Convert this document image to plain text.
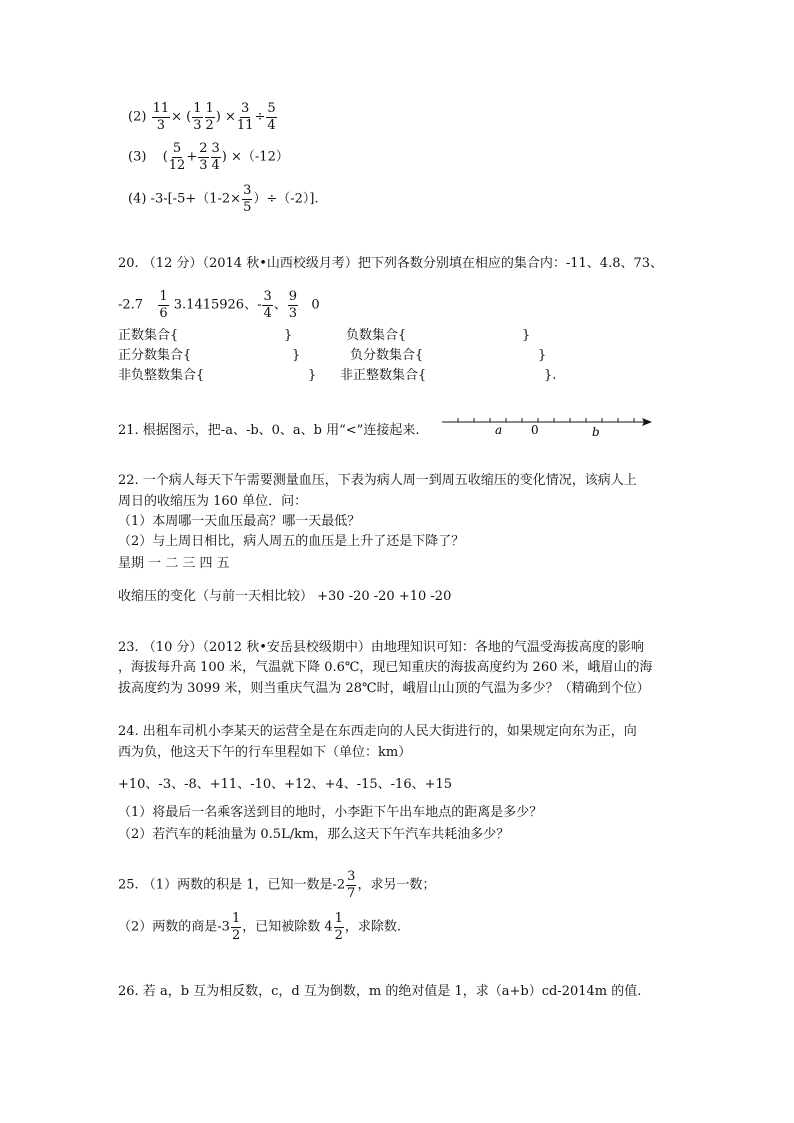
$(2) \frac{11}{3}$ × ( $\frac{1}{3} \frac{1}{2}$ ) × $\frac{3}{11} \div \frac{5}{4}$
(3) ( $\frac{5}{12} + \frac{2}{3} \frac{3}{4}$ ) ×（-12）
(4) $-3-[-5+(1-2\times \frac{3}{5} )\div(-2)]$.
20. （12 分）（2014 秋•山西校级月考）把下列各数分别填在相应的集合内：-11、4.8、73、
$-2.7 \frac{1}{6} 3.1415926$、- $\frac{3}{4}$ 、 $\frac{9}{3} 0$
正数集合{	}	负数集合{	}
正分数集合{	}	负分数集合{	}
非负整数集合{	} 非正整数集合{	}.
21. 根据图示，把-a、-b、0、a、b 用“<”连接起来.	a 0	b
22. 一个病人每天下午需要测量血压，下表为病人周一到周五收缩压的变化情况，该病人上
周日的收缩压为 160 单位．问：
（1）本周哪一天血压最高？哪一天最低？
（2）与上周日相比，病人周五的血压是上升了还是下降了？
星期 一 二 三 四 五
收缩压的变化（与前一天相比较） +30 -20 -20 +10 -20
23. （10 分）（2012 秋•安岳县校级期中）由地理知识可知：各地的气温受海拔高度的影响
，海拔每升高 100 米，气温就下降 0.6℃，现已知重庆的海拔高度约为 260 米，峨眉山的海
拔高度约为 3099 米，则当重庆气温为 28℃时，峨眉山山顶的气温为多少？（精确到个位）
24. 出租车司机小李某天的运营全是在东西走向的人民大街进行的，如果规定向东为正，向
西为负，他这天下午的行车里程如下（单位：km）
+10、-3、-8、+11、-10、+12、+4、-15、-16、+15
（1）将最后一名乘客送到目的地时，小李距下午出车地点的距离是多少？
（2）若汽车的耗油量为 0.5L/km，那么这天下午汽车共耗油多少？
25. （1）两数的积是 1，已知一数是$-2 \frac{3}{7}$ ，求另一数；
（2）两数的商是$-3 \frac{1}{2}$ ，已知被除数 $4 \frac{1}{2}$ ，求除数.
26. 若 a，b 互为相反数，c，d 互为倒数，m 的绝对值是 1，求（a+b）cd-2014m 的值.
